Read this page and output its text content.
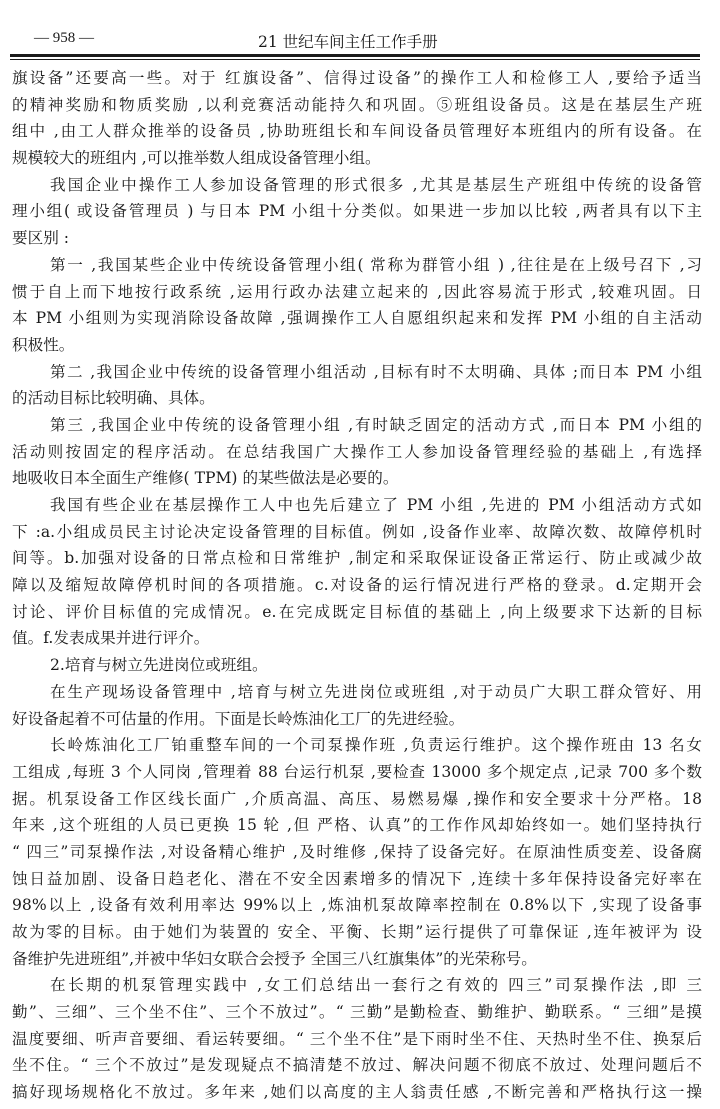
— 958 —	21 世纪车间主任工作手册
旗设备”还要高一些。对于 红旗设备”、信得过设备”的操作工人和检修工人 ,要给予适当
的精神奖励和物质奖励 ,以利竞赛活动能持久和巩固。⑤班组设备员。这是在基层生产班
组中 ,由工人群众推举的设备员 ,协助班组长和车间设备员管理好本班组内的所有设备。在
规模较大的班组内 ,可以推举数人组成设备管理小组。
我国企业中操作工人参加设备管理的形式很多 ,尤其是基层生产班组中传统的设备管
理小组( 或设备管理员 ) 与日本 PM 小组十分类似。如果进一步加以比较 ,两者具有以下主
要区别 :
第一 ,我国某些企业中传统设备管理小组( 常称为群管小组 ) ,往往是在上级号召下 ,习
惯于自上而下地按行政系统 ,运用行政办法建立起来的 ,因此容易流于形式 ,较难巩固。日
本 PM 小组则为实现消除设备故障 ,强调操作工人自愿组织起来和发挥 PM 小组的自主活动
积极性。
第二 ,我国企业中传统的设备管理小组活动 ,目标有时不太明确、具体 ;而日本 PM 小组
的活动目标比较明确、具体。
第三 ,我国企业中传统的设备管理小组 ,有时缺乏固定的活动方式 ,而日本 PM 小组的
活动则按固定的程序活动。在总结我国广大操作工人参加设备管理经验的基础上 ,有选择
地吸收日本全面生产维修( TPM) 的某些做法是必要的。
我国有些企业在基层操作工人中也先后建立了 PM 小组 ,先进的 PM 小组活动方式如
下 :a.小组成员民主讨论决定设备管理的目标值。例如 ,设备作业率、故障次数、故障停机时
间等。b.加强对设备的日常点检和日常维护 ,制定和采取保证设备正常运行、防止或减少故
障以及缩短故障停机时间的各项措施。c.对设备的运行情况进行严格的登录。d.定期开会
讨论、评价目标值的完成情况。e.在完成既定目标值的基础上 ,向上级要求下达新的目标
值。f.发表成果并进行评介。
2.培育与树立先进岗位或班组。
在生产现场设备管理中 ,培育与树立先进岗位或班组 ,对于动员广大职工群众管好、用
好设备起着不可估量的作用。下面是长岭炼油化工厂的先进经验。
长岭炼油化工厂铂重整车间的一个司泵操作班 ,负责运行维护。这个操作班由 13 名女
工组成 ,每班 3 个人同岗 ,管理着 88 台运行机泵 ,要检查 13000 多个规定点 ,记录 700 多个数
据。机泵设备工作区线长面广 ,介质高温、高压、易燃易爆 ,操作和安全要求十分严格。18
年来 ,这个班组的人员已更换 15 轮 ,但 严格、认真”的工作作风却始终如一。她们坚持执行
“ 四三”司泵操作法 ,对设备精心维护 ,及时维修 ,保持了设备完好。在原油性质变差、设备腐
蚀日益加剧、设备日趋老化、潜在不安全因素增多的情况下 ,连续十多年保持设备完好率在
98%以上 ,设备有效利用率达 99%以上 ,炼油机泵故障率控制在 0.8%以下 ,实现了设备事
故为零的目标。由于她们为装置的 安全、平衡、长期”运行提供了可靠保证 ,连年被评为 设
备维护先进班组”,并被中华妇女联合会授予 全国三八红旗集体”的光荣称号。
在长期的机泵管理实践中 ,女工们总结出一套行之有效的 四三”司泵操作法 ,即 三
勤”、三细”、三个坐不住”、三个不放过”。“ 三勤”是勤检查、勤维护、勤联系。“ 三细”是摸
温度要细、听声音要细、看运转要细。“ 三个坐不住”是下雨时坐不住、天热时坐不住、换泵后
坐不住。“ 三个不放过”是发现疑点不搞清楚不放过、解决问题不彻底不放过、处理问题后不
搞好现场规格化不放过。多年来 ,她们以高度的主人翁责任感 ,不断完善和严格执行这一操
